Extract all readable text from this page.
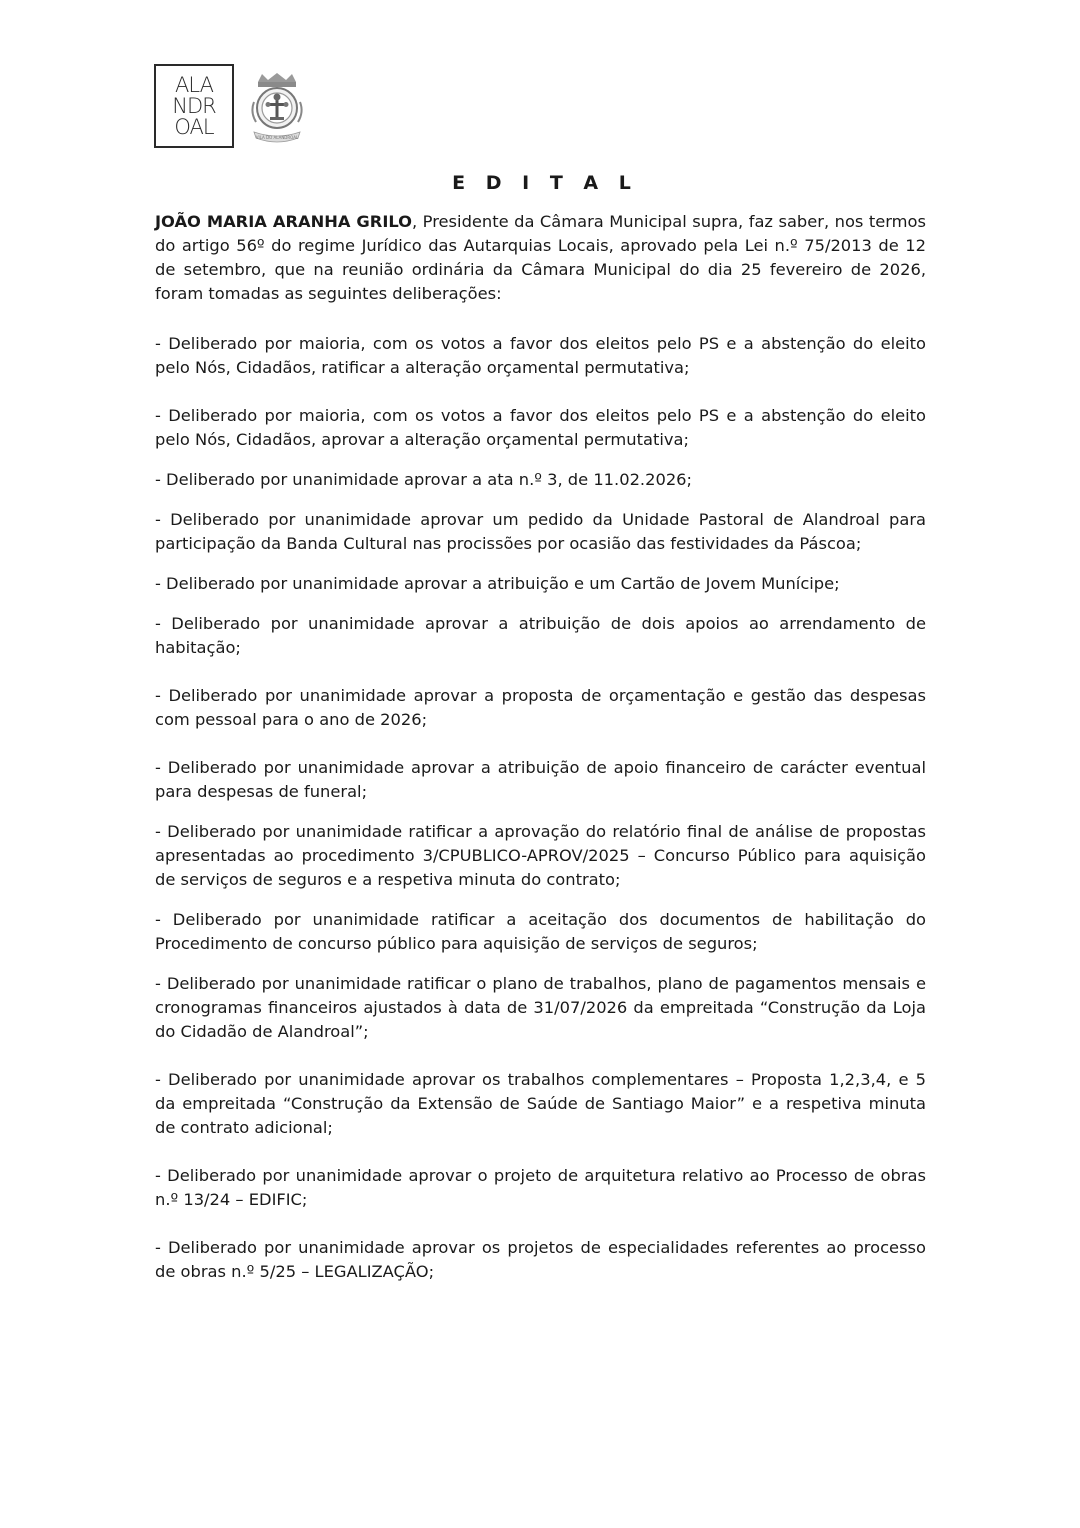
ALA
NDR
OAL	VILA DO ALANDROAL
E D I T A L

JOÃO MARIA ARANHA GRILO, Presidente da Câmara Municipal supra, faz saber, nos termos do artigo 56º do regime Jurídico das Autarquias Locais, aprovado pela Lei n.º 75/2013 de 12 de setembro, que na reunião ordinária da Câmara Municipal do dia 25 fevereiro de 2026, foram tomadas as seguintes deliberações:

- Deliberado por maioria, com os votos a favor dos eleitos pelo PS e a abstenção do eleito pelo Nós, Cidadãos, ratificar a alteração orçamental permutativa;

- Deliberado por maioria, com os votos a favor dos eleitos pelo PS e a abstenção do eleito pelo Nós, Cidadãos, aprovar a alteração orçamental permutativa;

- Deliberado por unanimidade aprovar a ata n.º 3, de 11.02.2026;

- Deliberado por unanimidade aprovar um pedido da Unidade Pastoral de Alandroal para participação da Banda Cultural nas procissões por ocasião das festividades da Páscoa;

- Deliberado por unanimidade aprovar a atribuição e um Cartão de Jovem Munícipe;

- Deliberado por unanimidade aprovar a atribuição de dois apoios ao arrendamento de habitação;

- Deliberado por unanimidade aprovar a proposta de orçamentação e gestão das despesas com pessoal para o ano de 2026;

- Deliberado por unanimidade aprovar a atribuição de apoio financeiro de carácter eventual para despesas de funeral;

- Deliberado por unanimidade ratificar a aprovação do relatório final de análise de propostas apresentadas ao procedimento 3/CPUBLICO-APROV/2025 – Concurso Público para aquisição de serviços de seguros e a respetiva minuta do contrato;

- Deliberado por unanimidade ratificar a aceitação dos documentos de habilitação do Procedimento de concurso público para aquisição de serviços de seguros;

- Deliberado por unanimidade ratificar o plano de trabalhos, plano de pagamentos mensais e cronogramas financeiros ajustados à data de 31/07/2026 da empreitada “Construção da Loja do Cidadão de Alandroal”;

- Deliberado por unanimidade aprovar os trabalhos complementares – Proposta 1,2,3,4, e 5 da empreitada “Construção da Extensão de Saúde de Santiago Maior” e a respetiva minuta de contrato adicional;

- Deliberado por unanimidade aprovar o projeto de arquitetura relativo ao Processo de obras n.º 13/24 – EDIFIC;

- Deliberado por unanimidade aprovar os projetos de especialidades referentes ao processo de obras n.º 5/25 – LEGALIZAÇÃO;
